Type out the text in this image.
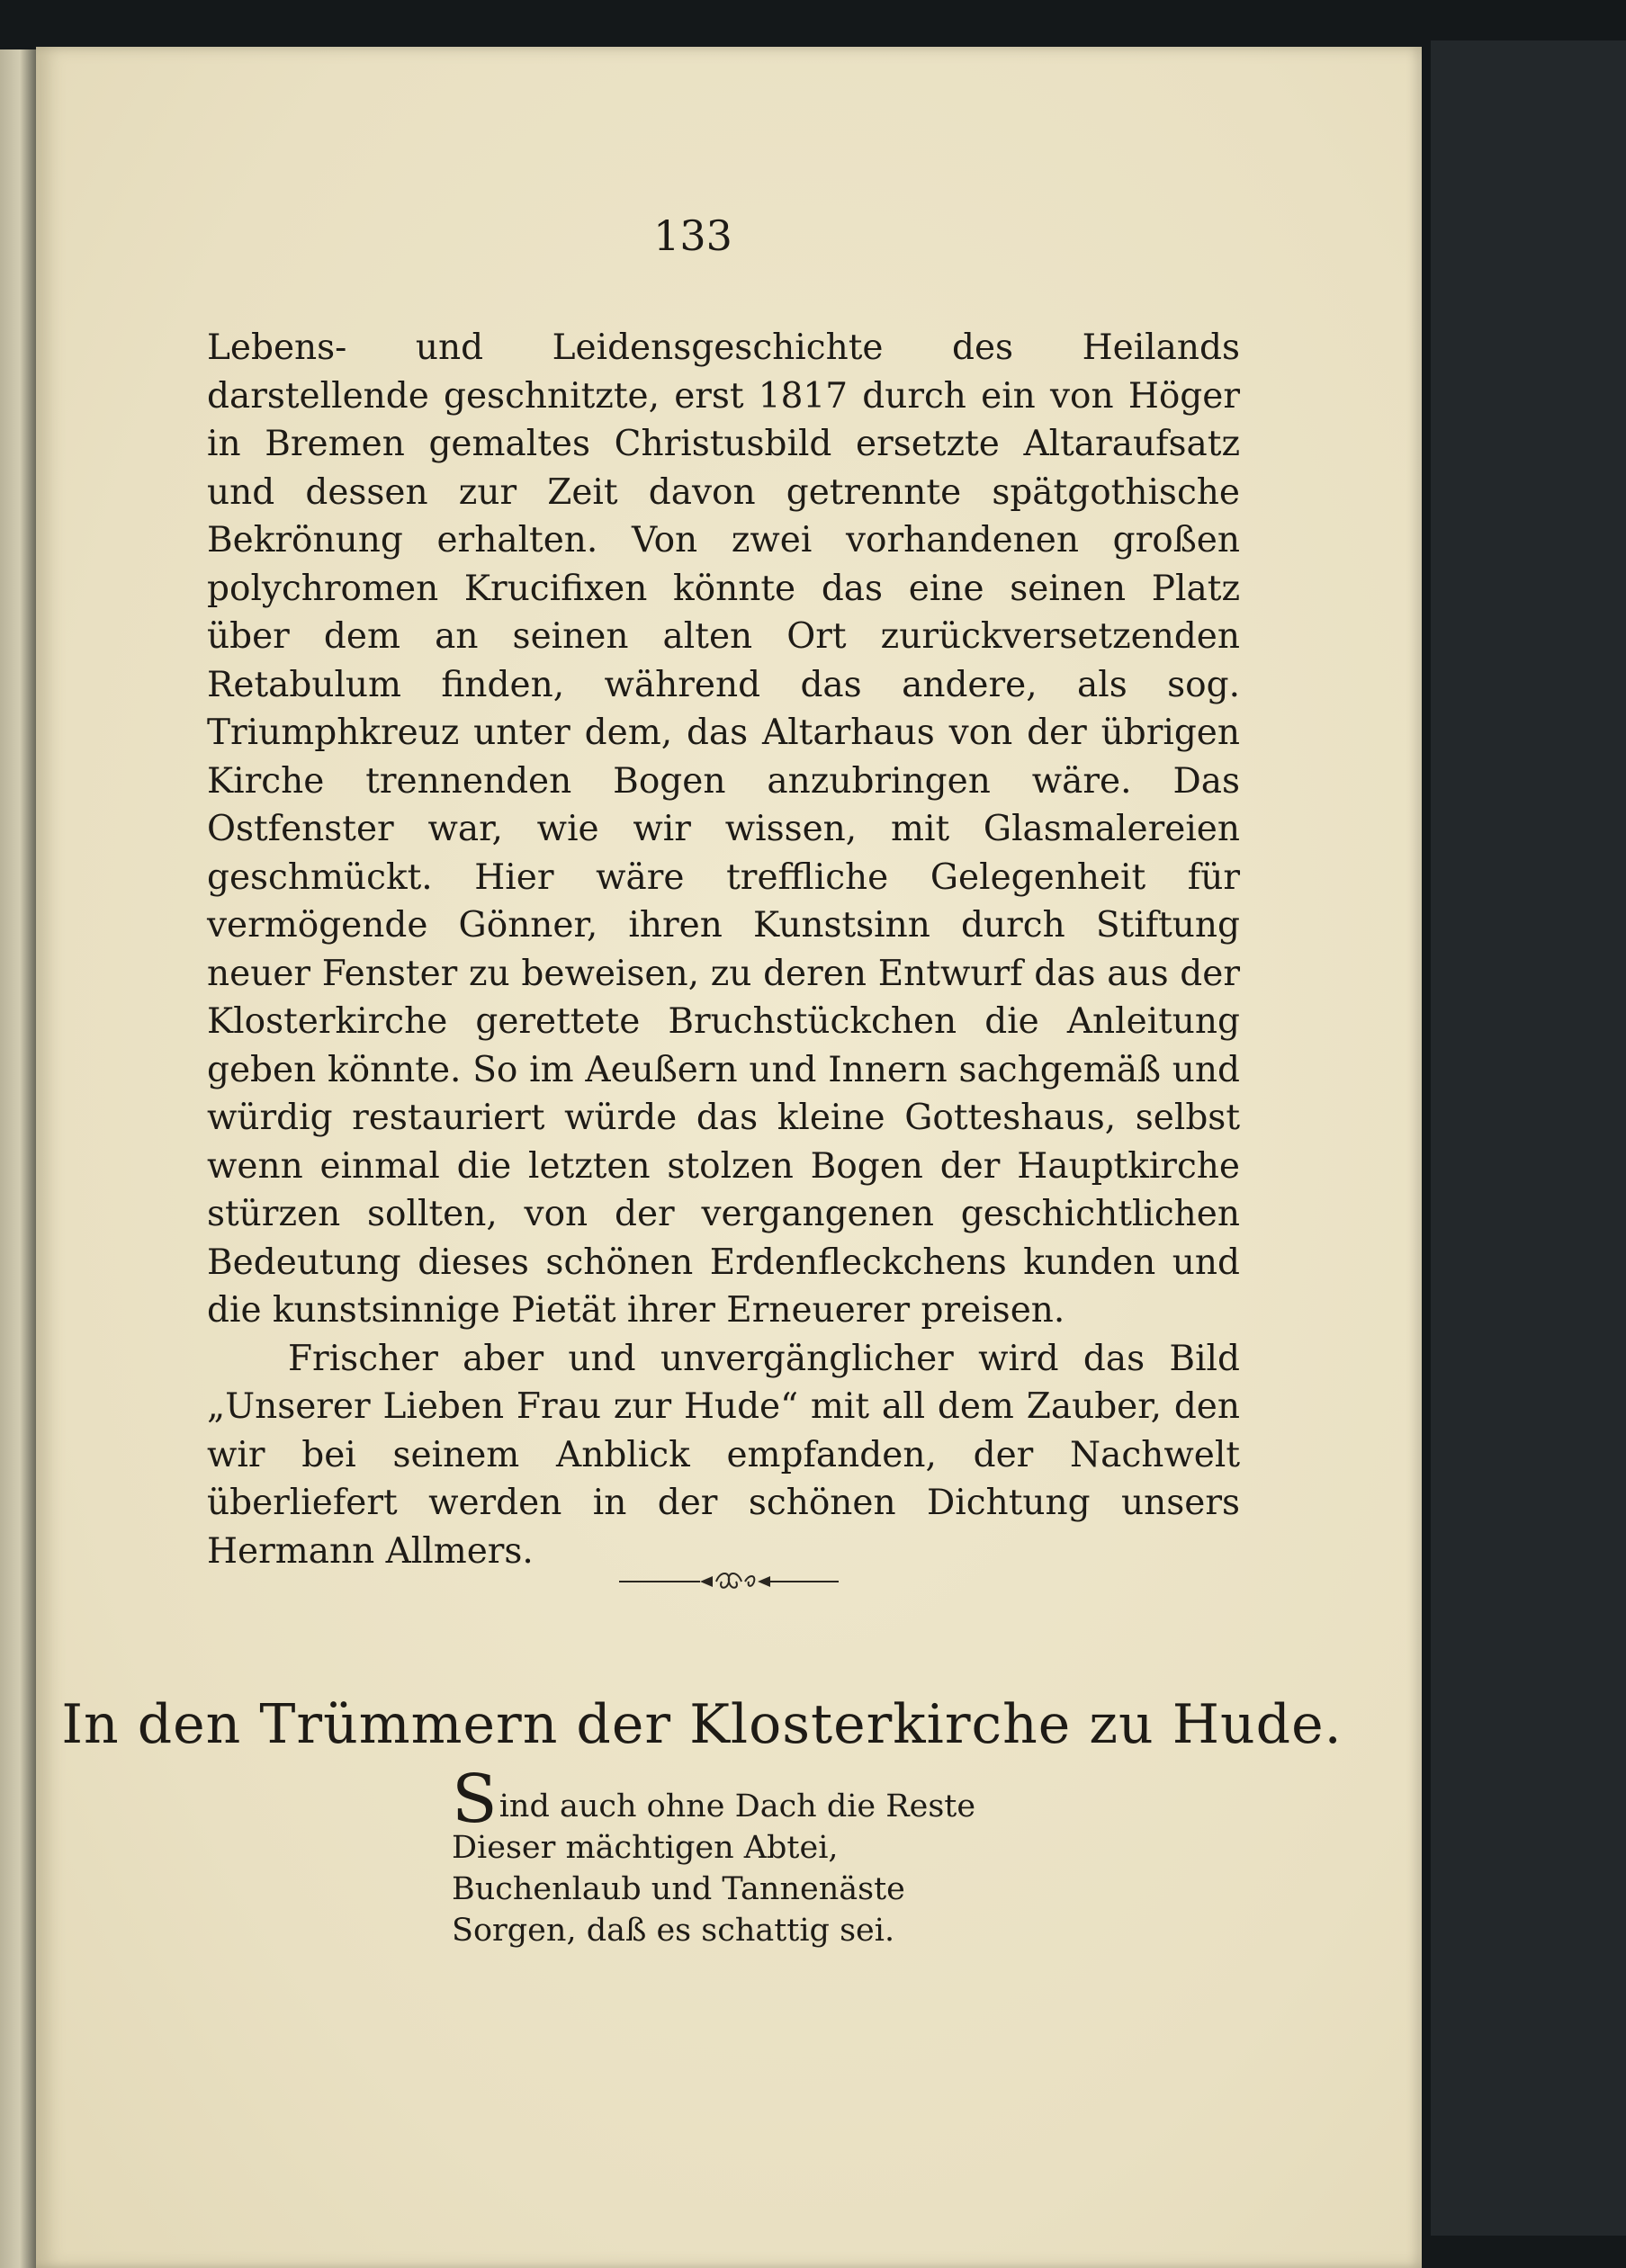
133

Lebens- und Leidensgeschichte des Heilands darstellende geschnitzte, erst 1817 durch ein von Höger in Bremen gemaltes Christusbild ersetzte Altaraufsatz und dessen zur Zeit davon getrennte spätgothische Bekrönung erhalten. Von zwei vorhandenen großen polychromen Krucifixen könnte das eine seinen Platz über dem an seinen alten Ort zurückversetzenden Retabulum finden, während das andere, als sog. Triumphkreuz unter dem, das Altarhaus von der übrigen Kirche trennenden Bogen anzubringen wäre. Das Ostfenster war, wie wir wissen, mit Glasmalereien geschmückt. Hier wäre treffliche Gelegenheit für vermögende Gönner, ihren Kunstsinn durch Stiftung neuer Fenster zu beweisen, zu deren Entwurf das aus der Klosterkirche gerettete Bruchstückchen die Anleitung geben könnte. So im Aeußern und Innern sachgemäß und würdig restauriert würde das kleine Gotteshaus, selbst wenn einmal die letzten stolzen Bogen der Hauptkirche stürzen sollten, von der vergangenen geschichtlichen Bedeutung dieses schönen Erdenfleckchens kunden und die kunstsinnige Pietät ihrer Erneuerer preisen.

Frischer aber und unvergänglicher wird das Bild „Unserer Lieben Frau zur Hude“ mit all dem Zauber, den wir bei seinem Anblick empfanden, der Nachwelt überliefert werden in der schönen Dichtung unsers Hermann Allmers.

In den Trümmern der Klosterkirche zu Hude.
Sind auch ohne Dach die Reste
Dieser mächtigen Abtei,
Buchenlaub und Tannenäste
Sorgen, daß es schattig sei.
